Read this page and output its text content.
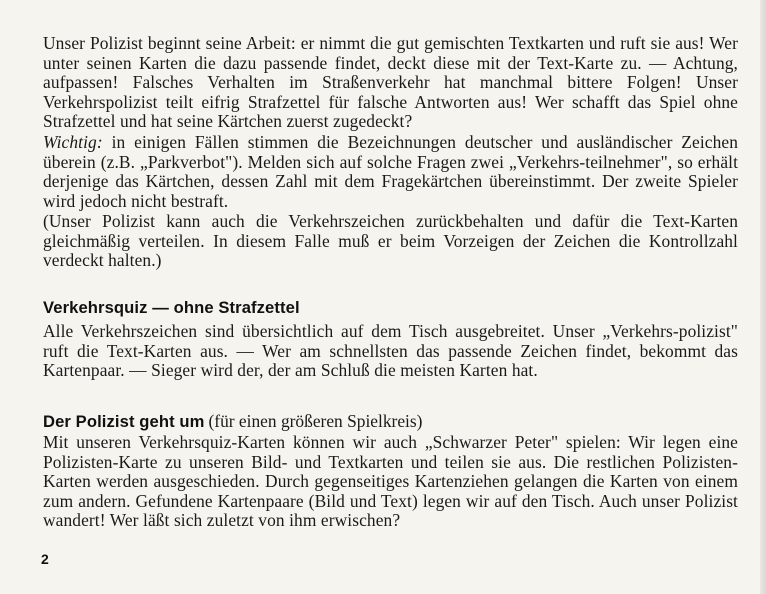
Unser Polizist beginnt seine Arbeit: er nimmt die gut gemischten Textkarten und ruft sie aus! Wer unter seinen Karten die dazu passende findet, deckt diese mit der Text-Karte zu. — Achtung, aufpassen! Falsches Verhalten im Straßenverkehr hat manchmal bittere Folgen! Unser Verkehrspolizist teilt eifrig Strafzettel für falsche Antworten aus! Wer schafft das Spiel ohne Strafzettel und hat seine Kärtchen zuerst zugedeckt?

Wichtig: in einigen Fällen stimmen die Bezeichnungen deutscher und ausländischer Zeichen überein (z.B. „Parkverbot"). Melden sich auf solche Fragen zwei „Verkehrs-teilnehmer", so erhält derjenige das Kärtchen, dessen Zahl mit dem Fragekärtchen übereinstimmt. Der zweite Spieler wird jedoch nicht bestraft.

(Unser Polizist kann auch die Verkehrszeichen zurückbehalten und dafür die Text-Karten gleichmäßig verteilen. In diesem Falle muß er beim Vorzeigen der Zeichen die Kontrollzahl verdeckt halten.)

Verkehrsquiz — ohne Strafzettel

Alle Verkehrszeichen sind übersichtlich auf dem Tisch ausgebreitet. Unser „Verkehrs-polizist" ruft die Text-Karten aus. — Wer am schnellsten das passende Zeichen findet, bekommt das Kartenpaar. — Sieger wird der, der am Schluß die meisten Karten hat.

Der Polizist geht um (für einen größeren Spielkreis)

Mit unseren Verkehrsquiz-Karten können wir auch „Schwarzer Peter" spielen: Wir legen eine Polizisten-Karte zu unseren Bild- und Textkarten und teilen sie aus. Die restlichen Polizisten-Karten werden ausgeschieden. Durch gegenseitiges Kartenziehen gelangen die Karten von einem zum andern. Gefundene Kartenpaare (Bild und Text) legen wir auf den Tisch. Auch unser Polizist wandert! Wer läßt sich zuletzt von ihm erwischen?

2
